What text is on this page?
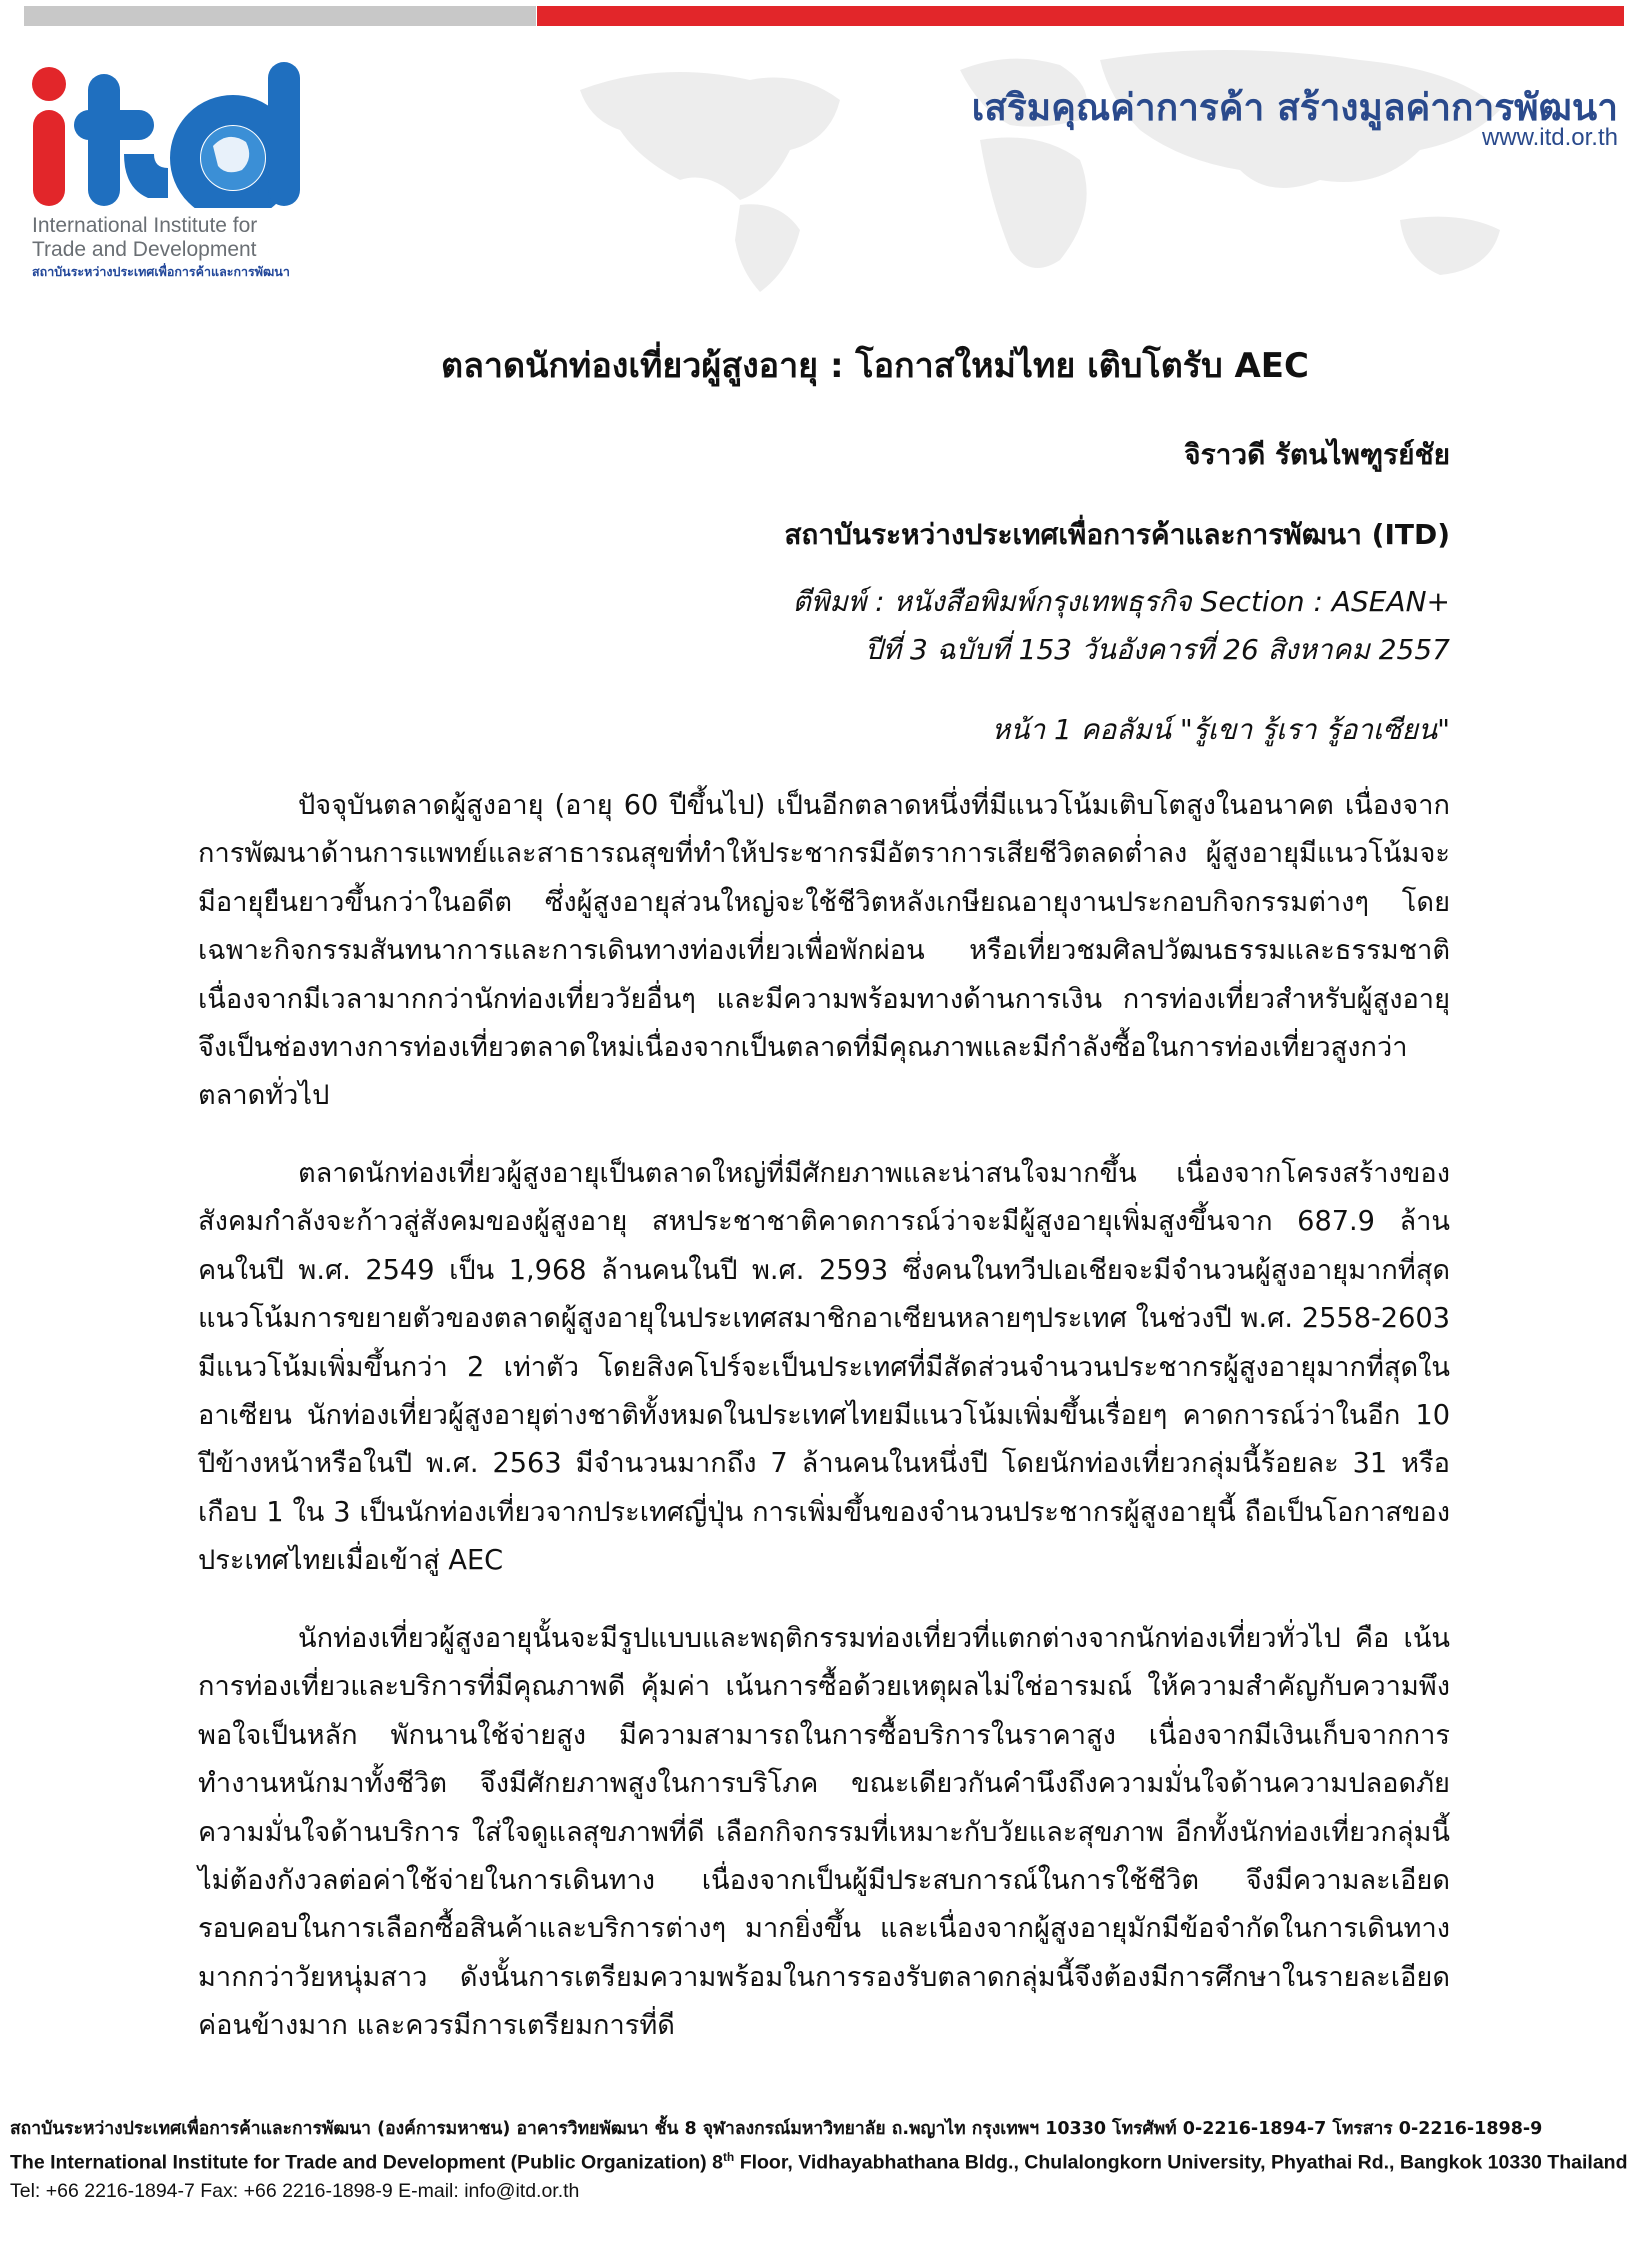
International Institute for
Trade and Development
สถาบันระหว่างประเทศเพื่อการค้าและการพัฒนา
เสริมคุณค่าการค้า สร้างมูลค่าการพัฒนา
www.itd.or.th
ตลาดนักท่องเที่ยวผู้สูงอายุ : โอกาสใหม่ไทย เติบโตรับ AEC
จิราวดี รัตนไพฑูรย์ชัย
สถาบันระหว่างประเทศเพื่อการค้าและการพัฒนา (ITD)
ตีพิมพ์ : หนังสือพิมพ์กรุงเทพธุรกิจ Section : ASEAN+
ปีที่ 3 ฉบับที่ 153 วันอังคารที่ 26 สิงหาคม 2557
หน้า 1 คอลัมน์ "รู้เขา รู้เรา รู้อาเซียน"

ปัจจุบันตลาดผู้สูงอายุ (อายุ 60 ปีขึ้นไป) เป็นอีกตลาดหนึ่งที่มีแนวโน้มเติบโตสูงในอนาคต เนื่องจากการพัฒนาด้านการแพทย์และสาธารณสุขที่ทำให้ประชากรมีอัตราการเสียชีวิตลดต่ำลง ผู้สูงอายุมีแนวโน้มจะมีอายุยืนยาวขึ้นกว่าในอดีต ซึ่งผู้สูงอายุส่วนใหญ่จะใช้ชีวิตหลังเกษียณอายุงานประกอบกิจกรรมต่างๆ โดยเฉพาะกิจกรรมสันทนาการและการเดินทางท่องเที่ยวเพื่อพักผ่อน หรือเที่ยวชมศิลปวัฒนธรรมและธรรมชาติ เนื่องจากมีเวลามากกว่านักท่องเที่ยววัยอื่นๆ และมีความพร้อมทางด้านการเงิน การท่องเที่ยวสำหรับผู้สูงอายุจึงเป็นช่องทางการท่องเที่ยวตลาดใหม่เนื่องจากเป็นตลาดที่มีคุณภาพและมีกำลังซื้อในการท่องเที่ยวสูงกว่าตลาดทั่วไป

ตลาดนักท่องเที่ยวผู้สูงอายุเป็นตลาดใหญ่ที่มีศักยภาพและน่าสนใจมากขึ้น เนื่องจากโครงสร้างของสังคมกำลังจะก้าวสู่สังคมของผู้สูงอายุ สหประชาชาติคาดการณ์ว่าจะมีผู้สูงอายุเพิ่มสูงขึ้นจาก 687.9 ล้านคนในปี พ.ศ. 2549 เป็น 1,968 ล้านคนในปี พ.ศ. 2593 ซึ่งคนในทวีปเอเชียจะมีจำนวนผู้สูงอายุมากที่สุด แนวโน้มการขยายตัวของตลาดผู้สูงอายุในประเทศสมาชิกอาเซียนหลายๆประเทศ ในช่วงปี พ.ศ. 2558-2603 มีแนวโน้มเพิ่มขึ้นกว่า 2 เท่าตัว โดยสิงคโปร์จะเป็นประเทศที่มีสัดส่วนจำนวนประชากรผู้สูงอายุมากที่สุดในอาเซียน นักท่องเที่ยวผู้สูงอายุต่างชาติทั้งหมดในประเทศไทยมีแนวโน้มเพิ่มขึ้นเรื่อยๆ คาดการณ์ว่าในอีก 10 ปีข้างหน้าหรือในปี พ.ศ. 2563 มีจำนวนมากถึง 7 ล้านคนในหนึ่งปี โดยนักท่องเที่ยวกลุ่มนี้ร้อยละ 31 หรือเกือบ 1 ใน 3 เป็นนักท่องเที่ยวจากประเทศญี่ปุ่น การเพิ่มขึ้นของจำนวนประชากรผู้สูงอายุนี้ ถือเป็นโอกาสของประเทศไทยเมื่อเข้าสู่ AEC

นักท่องเที่ยวผู้สูงอายุนั้นจะมีรูปแบบและพฤติกรรมท่องเที่ยวที่แตกต่างจากนักท่องเที่ยวทั่วไป คือ เน้นการท่องเที่ยวและบริการที่มีคุณภาพดี คุ้มค่า เน้นการซื้อด้วยเหตุผลไม่ใช่อารมณ์ ให้ความสำคัญกับความพึงพอใจเป็นหลัก พักนานใช้จ่ายสูง มีความสามารถในการซื้อบริการในราคาสูง เนื่องจากมีเงินเก็บจากการทำงานหนักมาทั้งชีวิต จึงมีศักยภาพสูงในการบริโภค ขณะเดียวกันคำนึงถึงความมั่นใจด้านความปลอดภัย ความมั่นใจด้านบริการ ใส่ใจดูแลสุขภาพที่ดี เลือกกิจกรรมที่เหมาะกับวัยและสุขภาพ อีกทั้งนักท่องเที่ยวกลุ่มนี้ไม่ต้องกังวลต่อค่าใช้จ่ายในการเดินทาง เนื่องจากเป็นผู้มีประสบการณ์ในการใช้ชีวิต จึงมีความละเอียดรอบคอบในการเลือกซื้อสินค้าและบริการต่างๆ มากยิ่งขึ้น และเนื่องจากผู้สูงอายุมักมีข้อจำกัดในการเดินทางมากกว่าวัยหนุ่มสาว ดังนั้นการเตรียมความพร้อมในการรองรับตลาดกลุ่มนี้จึงต้องมีการศึกษาในรายละเอียดค่อนข้างมาก และควรมีการเตรียมการที่ดี

สถาบันระหว่างประเทศเพื่อการค้าและการพัฒนา (องค์การมหาชน) อาคารวิทยพัฒนา ชั้น 8 จุฬาลงกรณ์มหาวิทยาลัย ถ.พญาไท กรุงเทพฯ 10330 โทรศัพท์ 0-2216-1894-7 โทรสาร 0-2216-1898-9
The International Institute for Trade and Development (Public Organization) 8th Floor, Vidhayabhathana Bldg., Chulalongkorn University, Phyathai Rd., Bangkok 10330 Thailand
Tel: +66 2216-1894-7 Fax: +66 2216-1898-9 E-mail: info@itd.or.th
